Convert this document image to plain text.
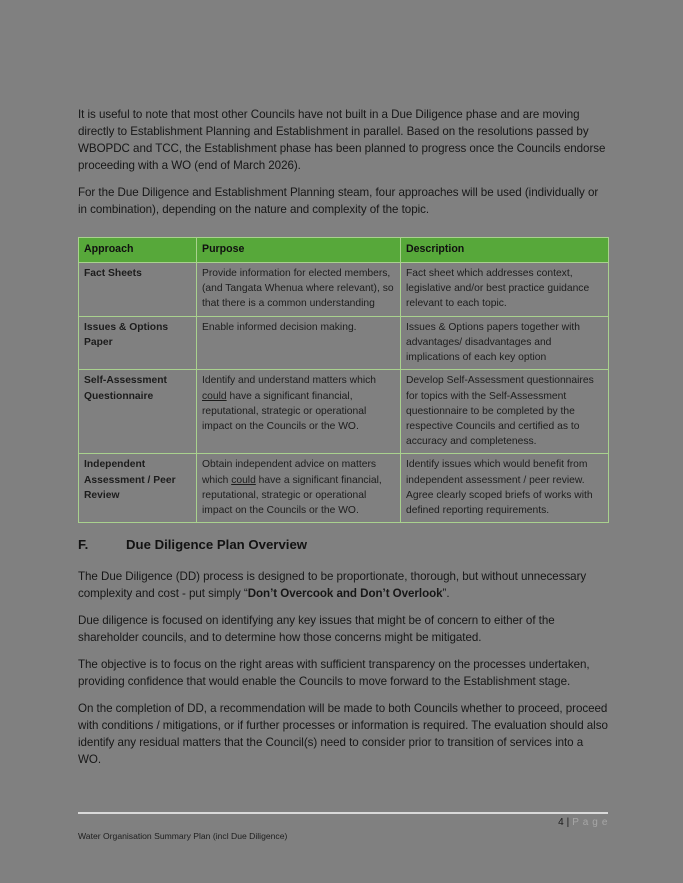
It is useful to note that most other Councils have not built in a Due Diligence phase and are moving directly to Establishment Planning and Establishment in parallel. Based on the resolutions passed by WBOPDC and TCC, the Establishment phase has been planned to progress once the Councils endorse proceeding with a WO (end of March 2026).

For the Due Diligence and Establishment Planning steam, four approaches will be used (individually or in combination), depending on the nature and complexity of the topic.

Approach	Purpose	Description
Fact Sheets	Provide information for elected members, (and Tangata Whenua where relevant), so that there is a common understanding	Fact sheet which addresses context, legislative and/or best practice guidance relevant to each topic.
Issues & Options Paper	Enable informed decision making.	Issues & Options papers together with advantages/ disadvantages and implications of each key option
Self-Assessment Questionnaire	Identify and understand matters which could have a significant financial, reputational, strategic or operational impact on the Councils or the WO.	Develop Self-Assessment questionnaires for topics with the Self-Assessment questionnaire to be completed by the respective Councils and certified as to accuracy and completeness.
Independent Assessment / Peer Review	Obtain independent advice on matters which could have a significant financial, reputational, strategic or operational impact on the Councils or the WO.	Identify issues which would benefit from independent assessment / peer review. Agree clearly scoped briefs of works with defined reporting requirements.
F.	Due Diligence Plan Overview

The Due Diligence (DD) process is designed to be proportionate, thorough, but without unnecessary complexity and cost - put simply “Don’t Overcook and Don’t Overlook”.

Due diligence is focused on identifying any key issues that might be of concern to either of the shareholder councils, and to determine how those concerns might be mitigated.

The objective is to focus on the right areas with sufficient transparency on the processes undertaken, providing confidence that would enable the Councils to move forward to the Establishment stage.

On the completion of DD, a recommendation will be made to both Councils whether to proceed, proceed with conditions / mitigations, or if further processes or information is required. The evaluation should also identify any residual matters that the Council(s) need to consider prior to transition of services into a WO.

4 | P a g e
Water Organisation Summary Plan (incl Due Diligence)
